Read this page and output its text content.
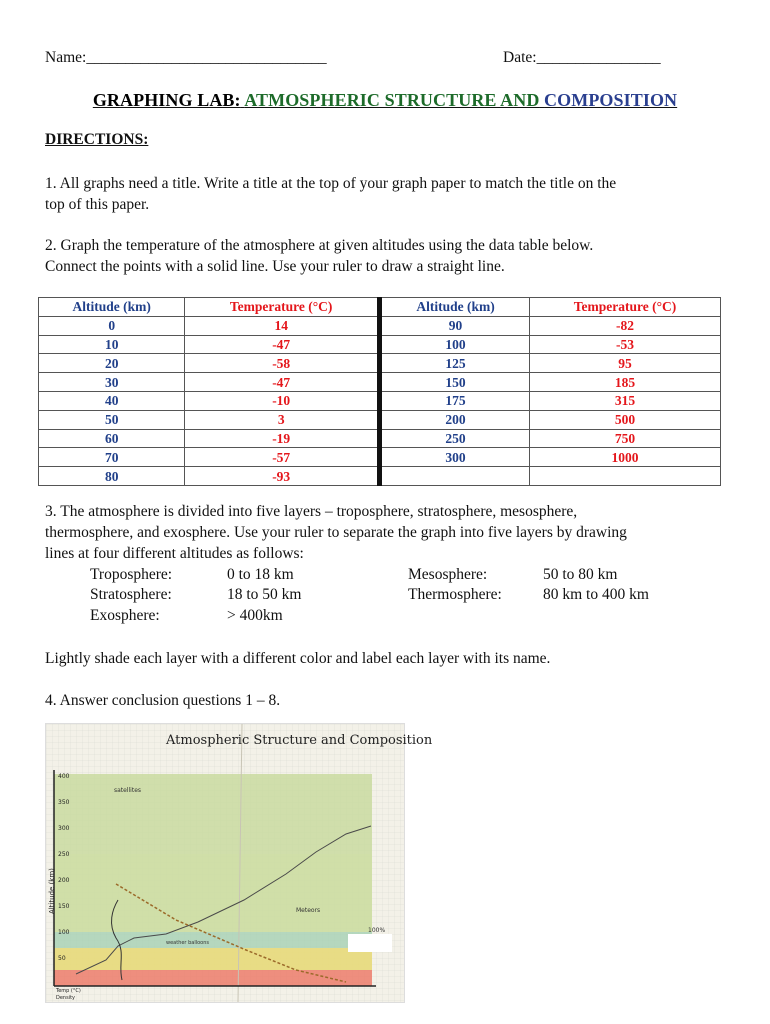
Name:_______________________________	Date:________________
GRAPHING LAB: ATMOSPHERIC STRUCTURE AND COMPOSITION
DIRECTIONS:
1. All graphs need a title. Write a title at the top of your graph paper to match the title on the
top of this paper.
2. Graph the temperature of the atmosphere at given altitudes using the data table below.
Connect the points with a solid line. Use your ruler to draw a straight line.
Altitude (km)	Temperature (°C)	Altitude (km)	Temperature (°C)
0	14	90	-82
10	-47	100	-53
20	-58	125	95
30	-47	150	185
40	-10	175	315
50	3	200	500
60	-19	250	750
70	-57	300	1000
80	-93		
3. The atmosphere is divided into five layers – troposphere, stratosphere, mesosphere,
thermosphere, and exosphere. Use your ruler to separate the graph into five layers by drawing
lines at four different altitudes as follows:
Troposphere:	0 to 18 km
Stratosphere:	18 to 50 km
Exosphere:	> 400km
Mesosphere:	50 to 80 km
Thermosphere:	80 km to 400 km
Lightly shade each layer with a different color and label each layer with its name.
4. Answer conclusion questions 1 – 8.
Atmospheric Structure and Composition
Altitude (km)
400
350
300
250
200
150
100
50
satellites
Meteors
weather balloons
100%
Temp (°C)
Density
